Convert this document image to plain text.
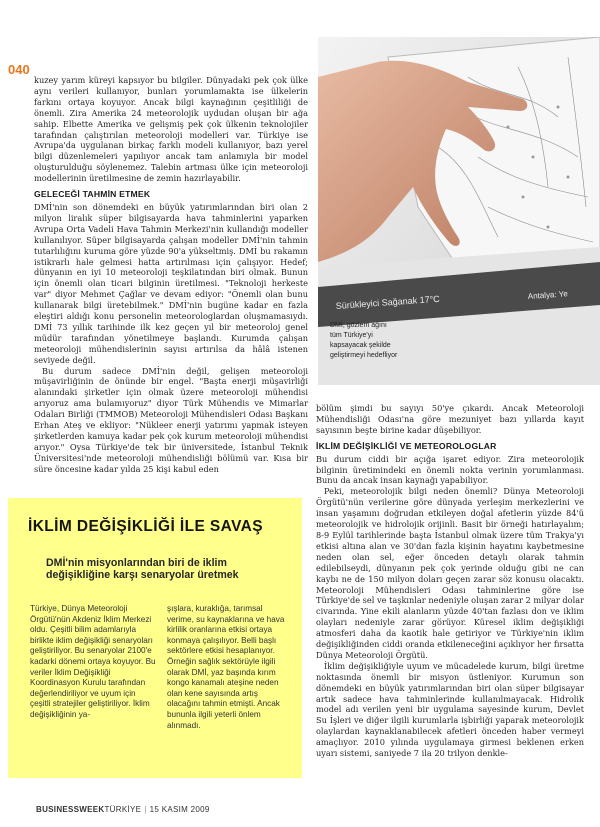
040

kuzey yarım küreyi kapsıyor bu bilgiler. Dünyadaki pek çok ülke aynı verileri kullanıyor, bunları yorumlamakta ise ülkelerin farkını ortaya koyuyor. Ancak bilgi kaynağının çeşitliliği de önemli. Zira Amerika 24 meteorolojik uydudan oluşan bir ağa sahip. Elbette Amerika ve gelişmiş pek çok ülkenin teknolojiler tarafından çalıştırılan meteoroloji modelleri var. Türkiye ise Avrupa'da uygulanan birkaç farklı modeli kullanıyor, bazı yerel bilgi düzenlemeleri yapılıyor ancak tam anlamıyla bir model oluşturulduğu söylenemez. Talebin artması ülke için meteoroloji modellerinin üretilmesine de zemin hazırlayabilir.

GELECEĞİ TAHMİN ETMEK

DMİ'nin son dönemdeki en büyük yatırımlarından biri olan 2 milyon liralık süper bilgisayarda hava tahminlerini yaparken Avrupa Orta Vadeli Hava Tahmin Merkezi'nin kullandığı modeller kullanılıyor. Süper bilgisayarda çalışan modeller DMİ'nin tahmin tutarlılığını kuruma göre yüzde 90'a yükseltmiş. DMİ bu rakamın istikrarlı hale gelmesi hatta artırılması için çalışıyor. Hedef; dünyanın en iyi 10 meteoroloji teşkilatından biri olmak. Bunun için önemli olan ticari bilginin üretilmesi. "Teknoloji herkeste var" diyor Mehmet Çağlar ve devam ediyor: "Önemli olan bunu kullanarak bilgi üretebilmek." DMİ'nin bugüne kadar en fazla eleştiri aldığı konu personelin meteorologlardan oluşmamasıydı. DMİ 73 yıllık tarihinde ilk kez geçen yıl bir meteoroloj genel müdür tarafından yönetilmeye başlandı. Kurumda çalışan meteoroloji mühendislerinin sayısı artırılsa da hâlâ istenen seviyede değil.

Bu durum sadece DMİ'nin değil, gelişen meteoroloji müşavirliğinin de önünde bir engel. "Başta enerji müşavirliği alanındaki şirketler için olmak üzere meteoroloji mühendisi arıyoruz ama bulamıyoruz" diyor Türk Mühendis ve Mimarlar Odaları Birliği (TMMOB) Meteoroloji Mühendisleri Odası Başkanı Erhan Ateş ve ekliyor: "Nükleer enerji yatırımı yapmak isteyen şirketlerden kamuya kadar pek çok kurum meteoroloji mühendisi arıyor." Oysa Türkiye'de tek bir üniversitede, İstanbul Teknik Üniversitesi'nde meteoroloji mühendisliği bölümü var. Kısa bir süre öncesine kadar yılda 25 kişi kabul eden

Sürükleyici Sağanak 17°C	Antalya: Ye
DMİ, gözlem ağını tüm Türkiye'yi kapsayacak şekilde geliştirmeyi hedefliyor

bölüm şimdi bu sayıyı 50'ye çıkardı. Ancak Meteoroloji Mühendisliği Odası'na göre mezuniyet bazı yıllarda kayıt sayısının beşte birine kadar düşebiliyor.

İKLİM DEĞİŞİKLİĞİ VE METEOROLOGLAR

Bu durum ciddi bir açığa işaret ediyor. Zira meteorolojik bilginin üretimindeki en önemli nokta verinin yorumlanması. Bunu da ancak insan kaynağı yapabiliyor.

Peki, meteorolojik bilgi neden önemli? Dünya Meteoroloji Örgütü'nün verilerine göre dünyada yerleşim merkezlerini ve insan yaşamını doğrudan etkileyen doğal afetlerin yüzde 84'ü meteorolojik ve hidrolojik orijinli. Basit bir örneği hatırlayalım; 8-9 Eylül tarihlerinde başta İstanbul olmak üzere tüm Trakya'yı etkisi altına alan ve 30'dan fazla kişinin hayatını kaybetmesine neden olan sel, eğer önceden detaylı olarak tahmin edilebilseydi, dünyanın pek çok yerinde olduğu gibi ne can kaybı ne de 150 milyon doları geçen zarar söz konusu olacaktı. Meteoroloji Mühendisleri Odası tahminlerine göre ise Türkiye'de sel ve taşkınlar nedeniyle oluşan zarar 2 milyar dolar civarında. Yine ekili alanların yüzde 40'tan fazlası don ve iklim olayları nedeniyle zarar görüyor. Küresel iklim değişikliği atmosferi daha da kaotik hale getiriyor ve Türkiye'nin iklim değişikliğinden ciddi oranda etkileneceğini açıklıyor her fırsatta Dünya Meteoroloji Örgütü.

İklim değişikliğiyle uyum ve mücadelede kurum, bilgi üretme noktasında önemli bir misyon üstleniyor. Kurumun son dönemdeki en büyük yatırımlarından biri olan süper bilgisayar artık sadece hava tahminlerinde kullanılmayacak. Hidrolik model adı verilen yeni bir uygulama sayesinde kurum, Devlet Su İşleri ve diğer ilgili kurumlarla işbirliği yaparak meteorolojik olaylardan kaynaklanabilecek afetleri önceden haber vermeyi amaçlıyor. 2010 yılında uygulamaya girmesi beklenen erken uyarı sistemi, saniyede 7 ila 20 trilyon denkle-

İKLİM DEĞİŞİKLİĞİ İLE SAVAŞ
DMİ'nin misyonlarından biri de iklim değişikliğine karşı senaryolar üretmek
Türkiye, Dünya Meteoroloji Örgütü'nün Akdeniz İklim Merkezi oldu. Çeşitli bilim adamlarıyla birlikte iklim değişikliği senaryoları geliştiriliyor. Bu senaryolar 2100'e kadarki dönemi ortaya koyuyor. Bu veriler İklim Değişikliği Koordinasyon Kurulu tarafından değerlendiriliyor ve uyum için çeşitli stratejiler geliştiriliyor. İklim değişikliğinin ya-
şışlara, kuraklığa, tarımsal verime, su kaynaklarına ve hava kirlilik oranlarına etkisi ortaya konmaya çalışılıyor. Belli başlı sektörlere etkisi hesaplanıyor. Örneğin sağlık sektörüyle ilgili olarak DMİ, yaz başında kırım kongo kanamalı ateşine neden olan kene sayısında artış olacağını tahmin etmişti. Ancak bununla ilgili yeterli önlem alınmadı.
BUSINESSWEEKTÜRKİYE | 15 KASIM 2009
